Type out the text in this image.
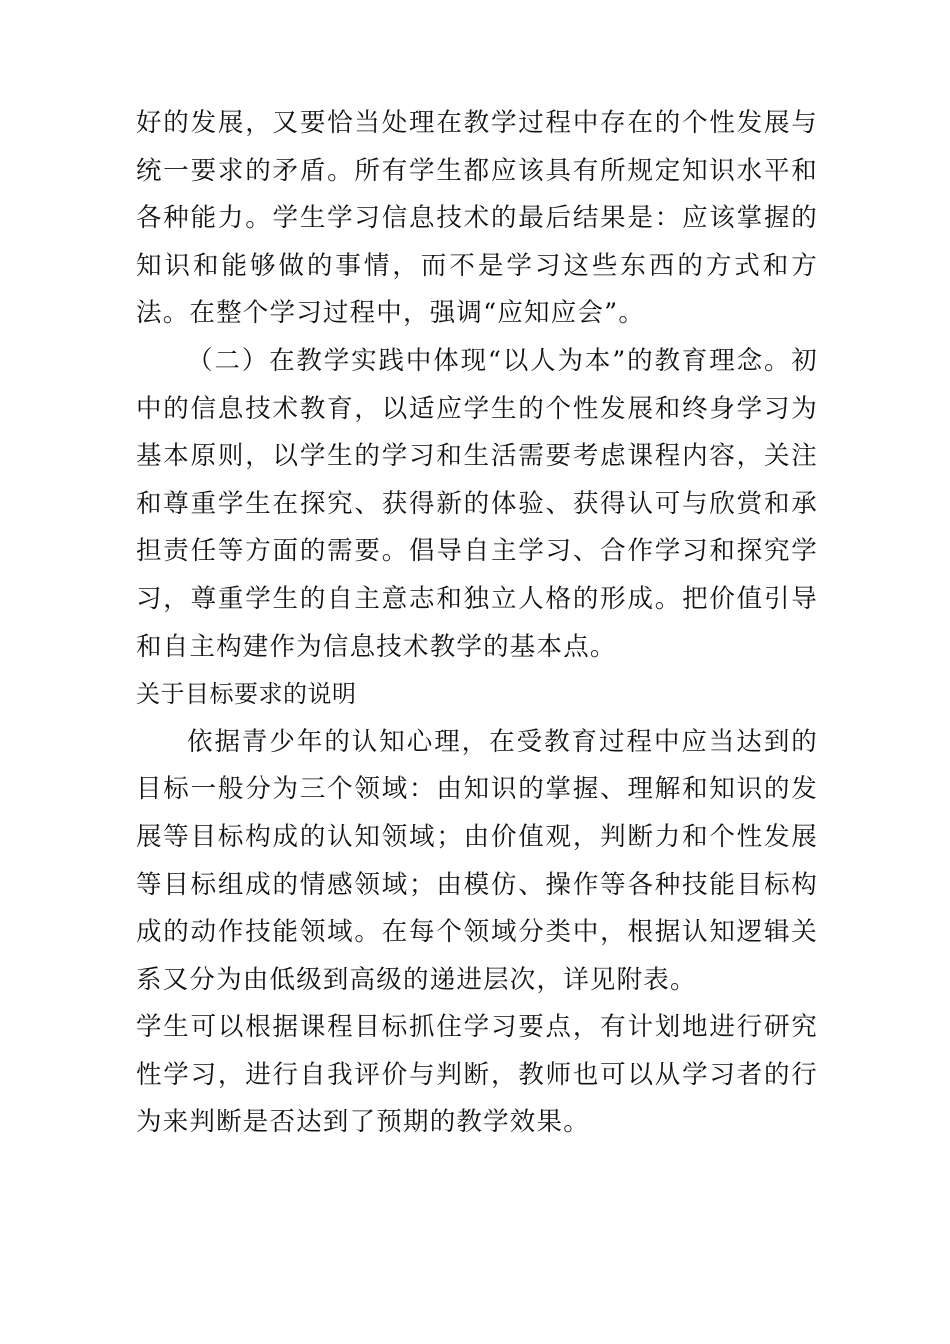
好的发展，又要恰当处理在教学过程中存在的个性发展与统一要求的矛盾。所有学生都应该具有所规定知识水平和各种能力。学生学习信息技术的最后结果是：应该掌握的知识和能够做的事情，而不是学习这些东西的方式和方法。在整个学习过程中，强调“应知应会”。

（二）在教学实践中体现“以人为本”的教育理念。初中的信息技术教育，以适应学生的个性发展和终身学习为基本原则，以学生的学习和生活需要考虑课程内容，关注和尊重学生在探究、获得新的体验、获得认可与欣赏和承担责任等方面的需要。倡导自主学习、合作学习和探究学习，尊重学生的自主意志和独立人格的形成。把价值引导和自主构建作为信息技术教学的基本点。

关于目标要求的说明

依据青少年的认知心理，在受教育过程中应当达到的目标一般分为三个领域：由知识的掌握、理解和知识的发展等目标构成的认知领域；由价值观，判断力和个性发展等目标组成的情感领域；由模仿、操作等各种技能目标构成的动作技能领域。在每个领域分类中，根据认知逻辑关系又分为由低级到高级的递进层次，详见附表。

学生可以根据课程目标抓住学习要点，有计划地进行研究性学习，进行自我评价与判断，教师也可以从学习者的行为来判断是否达到了预期的教学效果。
